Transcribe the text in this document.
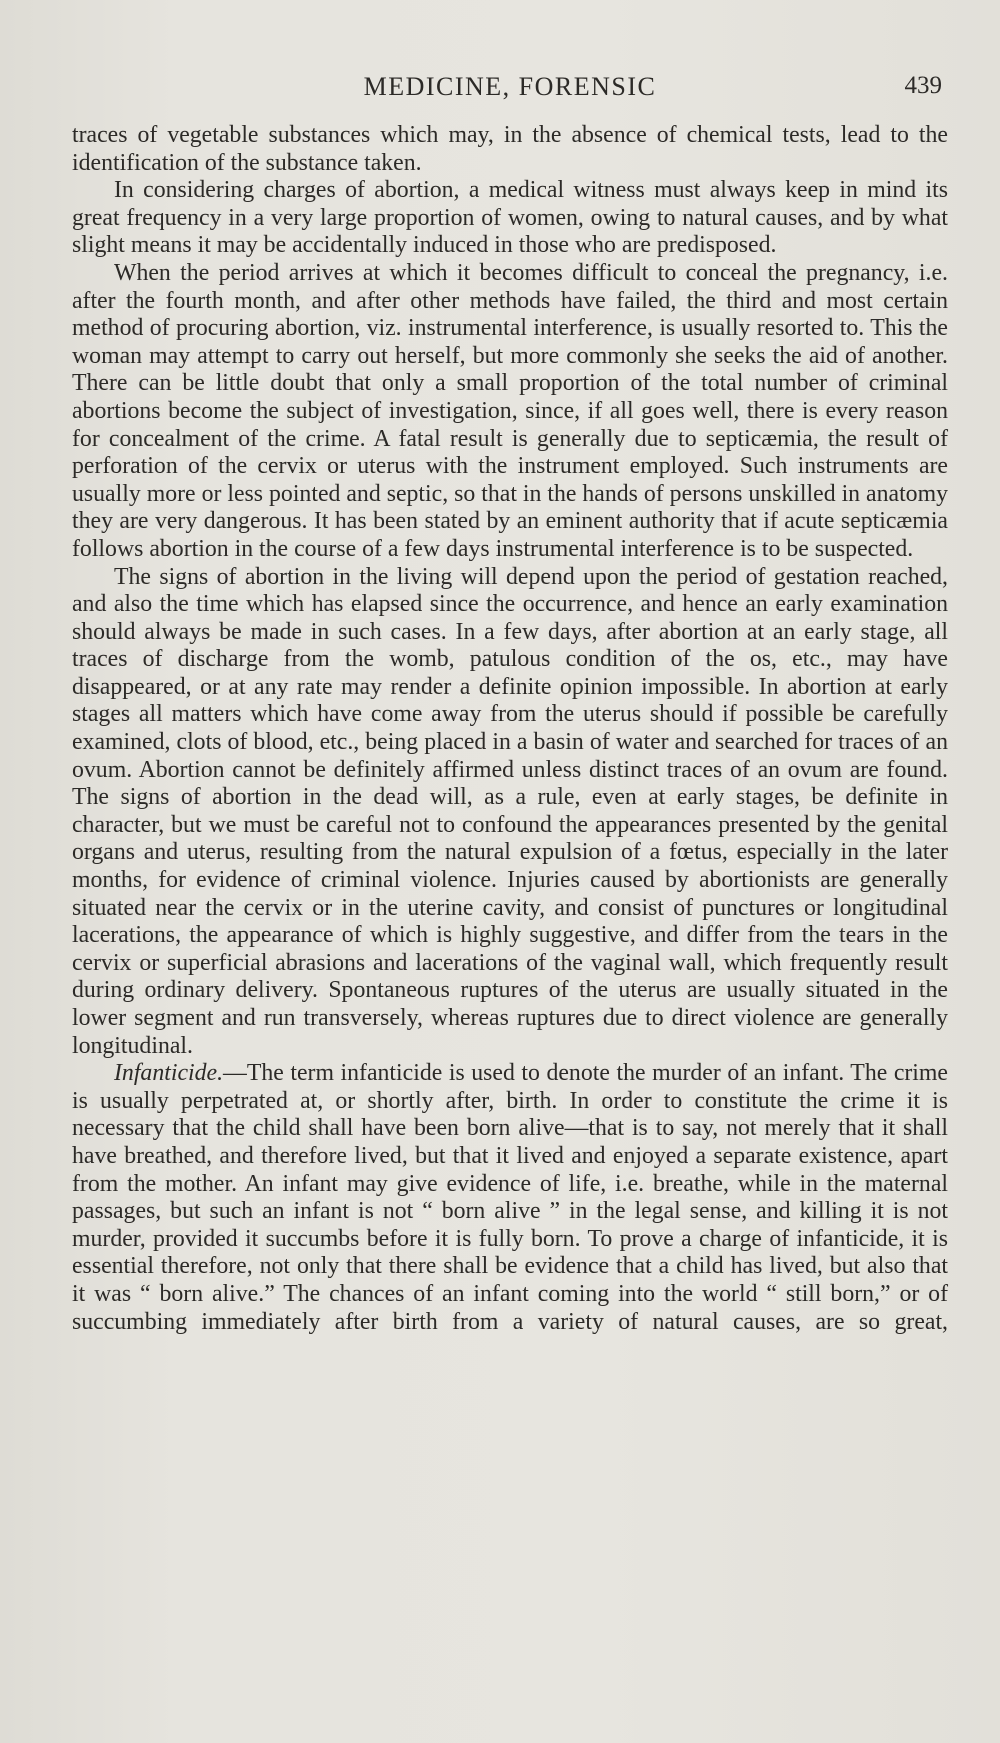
MEDICINE, FORENSIC	439

traces of vegetable substances which may, in the absence of chemical tests, lead to the identification of the substance taken.

In considering charges of abortion, a medical witness must always keep in mind its great frequency in a very large proportion of women, owing to natural causes, and by what slight means it may be accidentally induced in those who are predisposed.

When the period arrives at which it becomes difficult to conceal the pregnancy, i.e. after the fourth month, and after other methods have failed, the third and most certain method of procuring abortion, viz. instrumental interference, is usually resorted to. This the woman may attempt to carry out herself, but more commonly she seeks the aid of another. There can be little doubt that only a small proportion of the total number of criminal abortions become the subject of investigation, since, if all goes well, there is every reason for concealment of the crime. A fatal result is generally due to septicæmia, the result of perforation of the cervix or uterus with the instrument employed. Such instruments are usually more or less pointed and septic, so that in the hands of persons unskilled in anatomy they are very dangerous. It has been stated by an eminent authority that if acute septicæmia follows abortion in the course of a few days instrumental interference is to be suspected.

The signs of abortion in the living will depend upon the period of gestation reached, and also the time which has elapsed since the occurrence, and hence an early examination should always be made in such cases. In a few days, after abortion at an early stage, all traces of discharge from the womb, patulous condition of the os, etc., may have disappeared, or at any rate may render a definite opinion impossible. In abortion at early stages all matters which have come away from the uterus should if possible be carefully examined, clots of blood, etc., being placed in a basin of water and searched for traces of an ovum. Abortion cannot be definitely affirmed unless distinct traces of an ovum are found. The signs of abortion in the dead will, as a rule, even at early stages, be definite in character, but we must be careful not to confound the appearances presented by the genital organs and uterus, resulting from the natural expulsion of a fœtus, especially in the later months, for evidence of criminal violence. Injuries caused by abortionists are generally situated near the cervix or in the uterine cavity, and consist of punctures or longitudinal lacerations, the appearance of which is highly suggestive, and differ from the tears in the cervix or superficial abrasions and lacerations of the vaginal wall, which frequently result during ordinary delivery. Spontaneous ruptures of the uterus are usually situated in the lower segment and run transversely, whereas ruptures due to direct violence are generally longitudinal.

Infanticide.—The term infanticide is used to denote the murder of an infant. The crime is usually perpetrated at, or shortly after, birth. In order to constitute the crime it is necessary that the child shall have been born alive—that is to say, not merely that it shall have breathed, and therefore lived, but that it lived and enjoyed a separate existence, apart from the mother. An infant may give evidence of life, i.e. breathe, while in the maternal passages, but such an infant is not “ born alive ” in the legal sense, and killing it is not murder, provided it succumbs before it is fully born. To prove a charge of infanticide, it is essential therefore, not only that there shall be evidence that a child has lived, but also that it was “ born alive.” The chances of an infant coming into the world “ still born,” or of succumbing immediately after birth from a variety of natural causes, are so great,
